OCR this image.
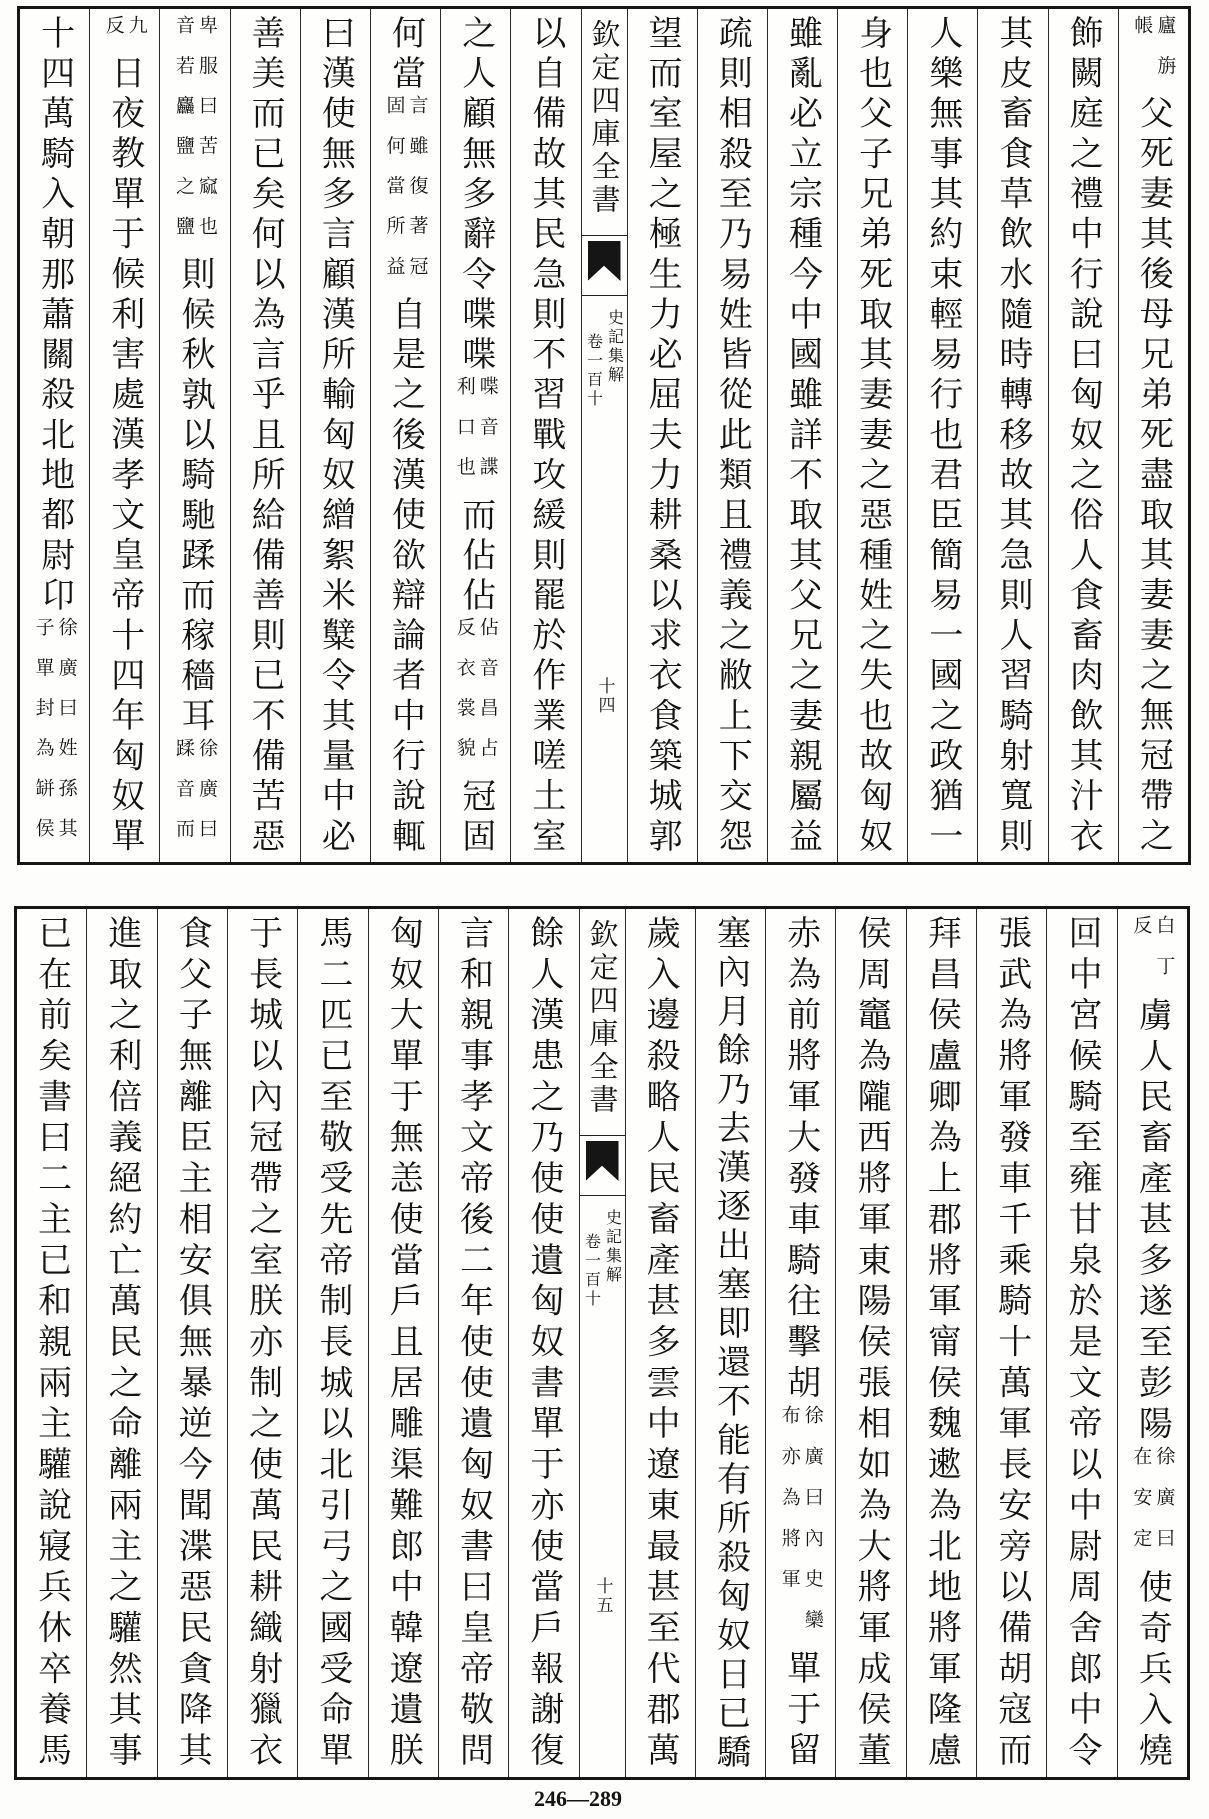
廬旃
帳
父死妻其後母兄弟死盡取其妻妻之無冠帶之
飾闕庭之禮中行說曰匈奴之俗人食畜肉飲其汁衣
其皮畜食草飲水隨時轉移故其急則人習騎射寬則
人樂無事其約束輕易行也君臣簡易一國之政猶一
身也父子兄弟死取其妻妻之惡種姓之失也故匈奴
雖亂必立宗種今中國雖詳不取其父兄之妻親屬益
疏則相殺至乃易姓皆從此類且禮義之敝上下交怨
望而室屋之極生力必屈夫力耕桑以求衣食築城郭
欽定四庫全書
史記集解
卷一百十
十四
以自備故其民急則不習戰攻緩則罷於作業嗟土室
之人顧無多辭令喋喋
喋音諜
利口也
而佔佔
佔音昌占
反衣裳貌
冠固
何當
言雖復著冠
固何當所益
自是之後漢使欲辯論者中行說輒
曰漢使無多言顧漢所輸匈奴繒絮米糱令其量中必
善美而已矣何以為言乎且所給備善則已不備苦惡
卑服曰苦窳也
音若麤鹽之鹽
則候秋孰以騎馳蹂而稼穡耳
徐廣曰
蹂音而
九
反
日夜教單于候利害處漢孝文皇帝十四年匈奴單
十四萬騎入朝那蕭關殺北地都尉卬
徐廣曰姓孫其
子單封為缾侯
白丁
反
虜人民畜產甚多遂至彭陽
徐廣曰
在安定
使奇兵入燒
回中宮候騎至雍甘泉於是文帝以中尉周舍郎中令
張武為將軍發車千乘騎十萬軍長安旁以備胡寇而
拜昌侯盧卿為上郡將軍甯侯魏遬為北地將軍隆慮
侯周竈為隴西將軍東陽侯張相如為大將軍成侯董
赤為前將軍大發車騎往擊胡
徐廣曰內史欒
布亦為將軍
單于留
塞內月餘乃去漢逐出塞即還不能有所殺匈奴日已驕
歲入邊殺略人民畜產甚多雲中遼東最甚至代郡萬
欽定四庫全書
史記集解
卷一百十
十五
餘人漢患之乃使使遺匈奴書單于亦使當戶報謝復
言和親事孝文帝後二年使使遺匈奴書曰皇帝敬問
匈奴大單于無恙使當戶且居雕渠難郎中韓遼遺朕
馬二匹已至敬受先帝制長城以北引弓之國受命單
于長城以內冠帶之室朕亦制之使萬民耕織射獵衣
食父子無離臣主相安俱無暴逆今聞渫惡民貪降其
進取之利倍義絕約亡萬民之命離兩主之驩然其事
已在前矣書曰二主已和親兩主驩說寢兵休卒養馬
246—289
